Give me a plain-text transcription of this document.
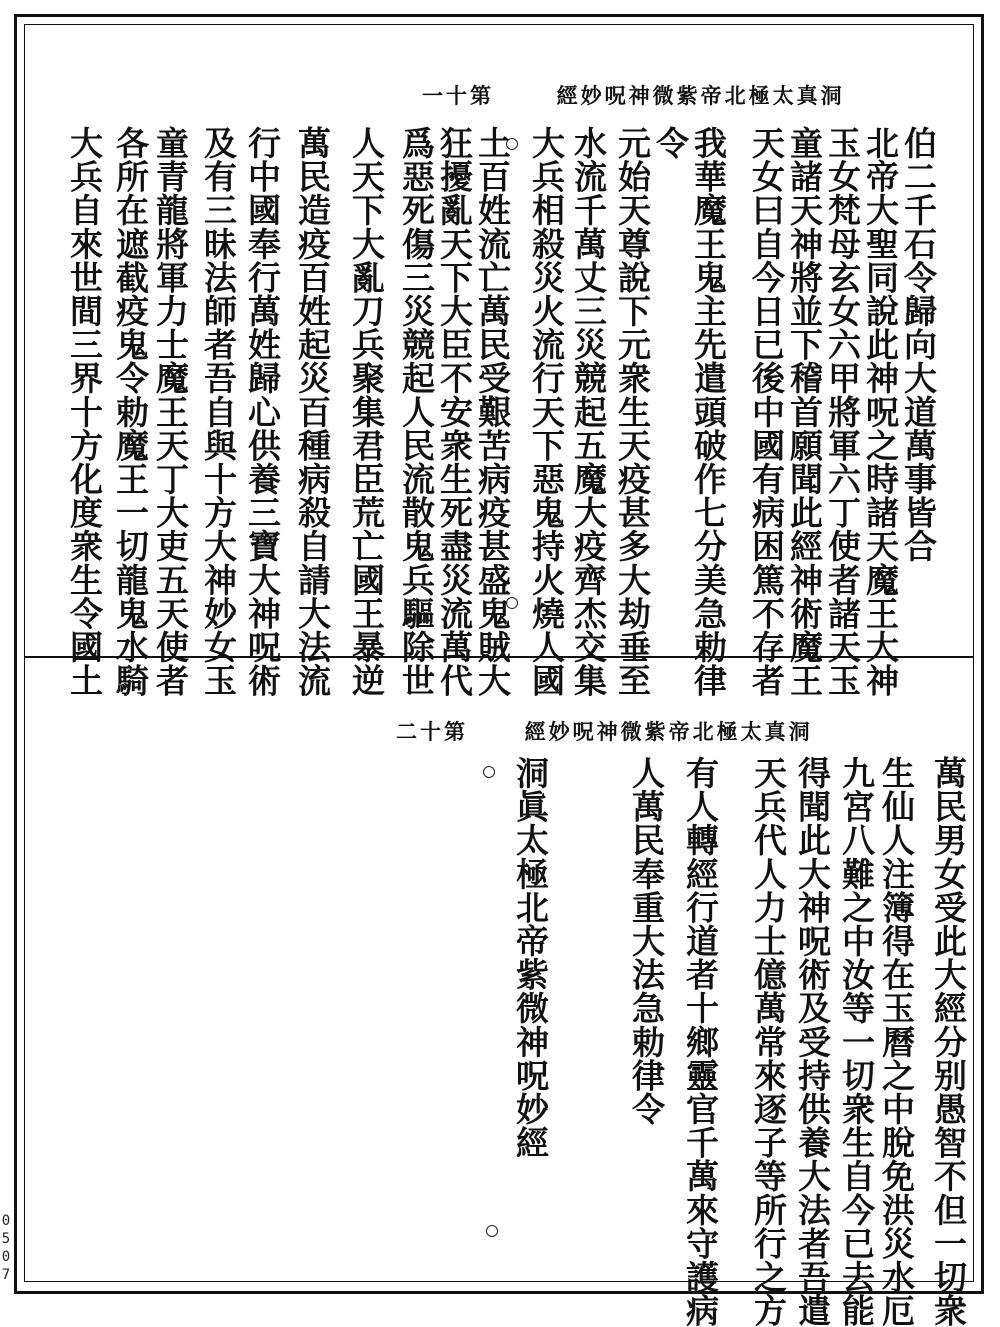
第十一	洞真太極北帝紫微神呪妙經
伯二千石令歸向大道萬事皆合
北帝大聖同說此神呪之時諸天魔王大神
玉女梵母玄女六甲將軍六丁使者諸天玉
童諸天神將並下稽首願聞此經神術魔王
天女曰自今日已後中國有病困篤不存者
我華魔王鬼主先遣頭破作七分美急勅律
令
元始天尊說下元衆生天疫甚多大劫垂至
水流千萬丈三災競起五魔大疫齊杰交集
大兵相殺災火流行天下惡鬼持火燒人國
土百姓流亡萬民受艱苦病疫甚盛鬼賊大
狂擾亂天下大臣不安衆生死盡災流萬代
爲惡死傷三災競起人民流散鬼兵驅除世
人天下大亂刀兵聚集君臣荒亡國王暴逆
萬民造疫百姓起災百種病殺自請大法流
行中國奉行萬姓歸心供養三寶大神呪術
及有三昧法師者吾自與十方大神妙女玉
童青龍將軍力士魔王天丁大吏五天使者
各所在遮截疫鬼令勅魔王一切龍鬼水騎
大兵自來世間三界十方化度衆生令國土
第十二	洞真太極北帝紫微神呪妙經
萬民男女受此大經分别愚智不但一切衆
生仙人注簿得在玉曆之中脫免洪災水厄
九宮八難之中汝等一切衆生自今已去能
得聞此大神呪術及受持供養大法者吾遣
天兵代人力士億萬常來逐子等所行之方
有人轉經行道者十鄉靈官千萬來守護病
人萬民奉重大法急勅律令
洞眞太極北帝紫微神呪妙經
0507
